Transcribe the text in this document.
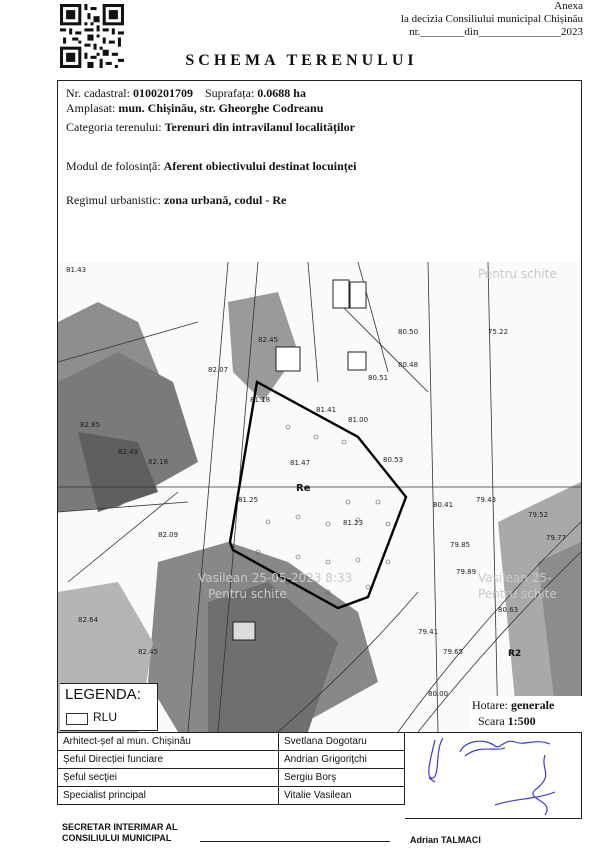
Anexa
la decizia Consiliului municipal Chișinău
nr.________din_______________2023
SCHEMA TERENULUI
Nr. cadastral: 0100201709 Suprafața: 0.0688 ha
Amplasat: mun. Chișinău, str. Gheorghe Codreanu
Categoria terenului: Terenuri din intravilanul localităților
Modul de folosință: Aferent obiectivului destinat locuinței
Regimul urbanistic: zona urbană, codul - Re
81.43
82.07
82.45
81.18
80.50
80.48
75.22
81.47
81.41
81.00
80.51
80.53
80.41
81.23
79.43
79.52
79.85
79.77
79.89
80.63
79.41
79.65
82.85
82.49
82.09
82.64
82.45
81.25
82.18
80.00
Re
R2
Pentru schite
Vasilean 25-05-2023 8:33
Pentru schite
Vasilean 25-
Pentru schite
LEGENDA:
RLU
Hotare: generale
Scara 1:500
Arhitect-șef al mun. Chișinău	Svetlana Dogotaru
Șeful Direcției funciare	Andrian Grigoriţchi
Şeful secţiei	Sergiu Borş
Specialist principal	Vitalie Vasilean
SECRETAR INTERIMAR AL
CONSILIULUI MUNICIPAL	Adrian TALMACI
